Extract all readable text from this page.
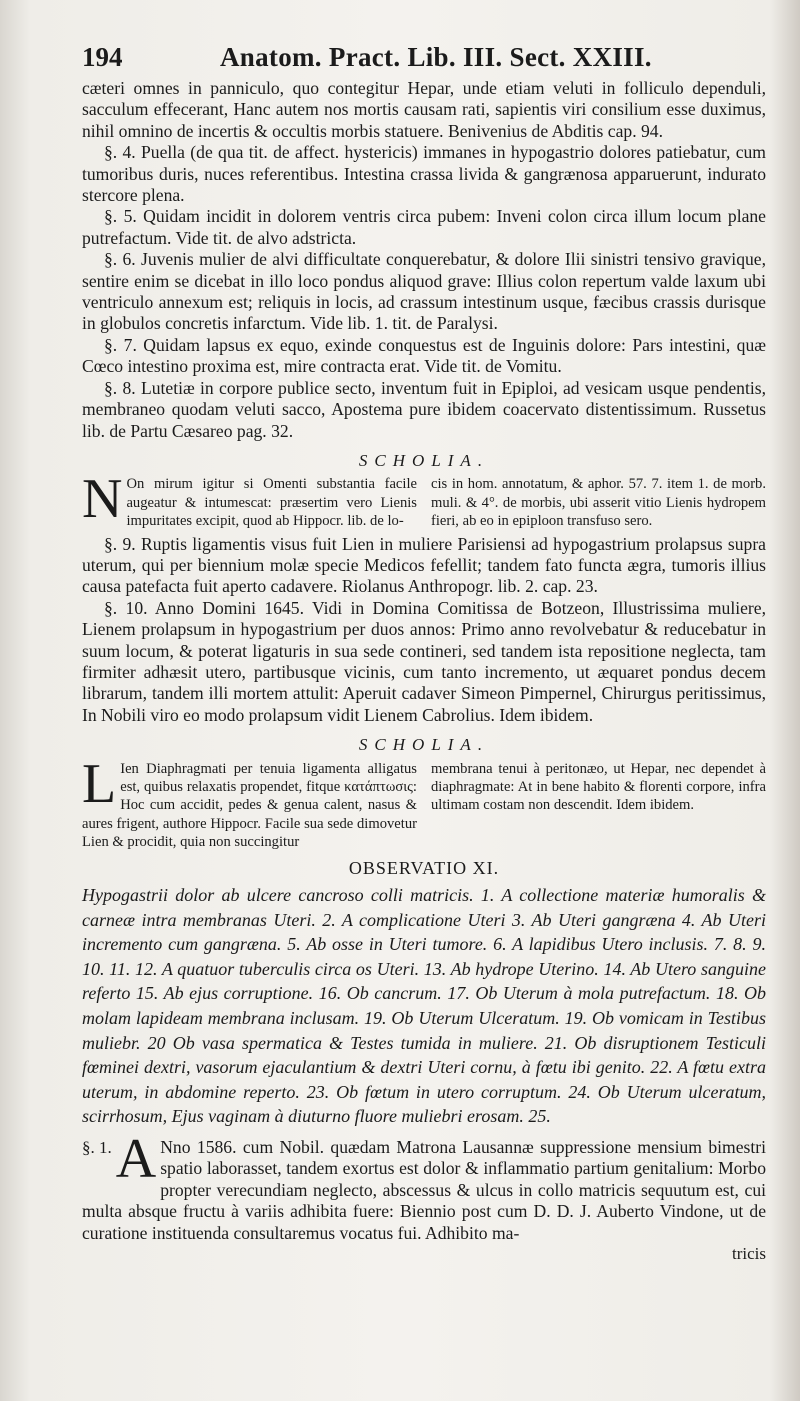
194	Anatom. Pract. Lib. III. Sect. XXIII.

cæteri omnes in panniculo, quo contegitur Hepar, unde etiam veluti in folliculo dependuli, sacculum effecerant, Hanc autem nos mortis causam rati, sapientis viri consilium esse duximus, nihil omnino de incertis & occultis morbis statuere. Benivenius de Abditis cap. 94.

§. 4. Puella (de qua tit. de affect. hystericis) immanes in hypogastrio dolores patiebatur, cum tumoribus duris, nuces referentibus. Intestina crassa livida & gangrænosa apparuerunt, indurato stercore plena.

§. 5. Quidam incidit in dolorem ventris circa pubem: Inveni colon circa illum locum plane putrefactum. Vide tit. de alvo adstricta.

§. 6. Juvenis mulier de alvi difficultate conquerebatur, & dolore Ilii sinistri tensivo gravique, sentire enim se dicebat in illo loco pondus aliquod grave: Illius colon repertum valde laxum ubi ventriculo annexum est; reliquis in locis, ad crassum intestinum usque, fæcibus crassis durisque in globulos concretis infarctum. Vide lib. 1. tit. de Paralysi.

§. 7. Quidam lapsus ex equo, exinde conquestus est de Inguinis dolore: Pars intestini, quæ Cœco intestino proxima est, mire contracta erat. Vide tit. de Vomitu.

§. 8. Lutetiæ in corpore publice secto, inventum fuit in Epiploi, ad vesicam usque pendentis, membraneo quodam veluti sacco, Apostema pure ibidem coacervato distentissimum. Russetus lib. de Partu Cæsareo pag. 32.

SCHOLIA.
N On mirum igitur si Omenti substantia facile augeatur & intumescat: præsertim vero Lienis impuritates excipit, quod ab Hippocr. lib. de lo-
cis in hom. annotatum, & aphor. 57. 7. item 1. de morb. muli. & 4°. de morbis, ubi asserit vitio Lienis hydropem fieri, ab eo in epiploon transfuso sero.

§. 9. Ruptis ligamentis visus fuit Lien in muliere Parisiensi ad hypogastrium prolapsus supra uterum, qui per biennium molæ specie Medicos fefellit; tandem fato functa ægra, tumoris illius causa patefacta fuit aperto cadavere. Riolanus Anthropogr. lib. 2. cap. 23.

§. 10. Anno Domini 1645. Vidi in Domina Comitissa de Botzeon, Illustrissima muliere, Lienem prolapsum in hypogastrium per duos annos: Primo anno revolvebatur & reducebatur in suum locum, & poterat ligaturis in sua sede contineri, sed tandem ista repositione neglecta, tam firmiter adhæsit utero, partibusque vicinis, cum tanto incremento, ut æquaret pondus decem librarum, tandem illi mortem attulit: Aperuit cadaver Simeon Pimpernel, Chirurgus peritissimus, In Nobili viro eo modo prolapsum vidit Lienem Cabrolius. Idem ibidem.

SCHOLIA.
L Ien Diaphragmati per tenuia ligamenta alligatus est, quibus relaxatis propendet, fitque κατάπτωσις: Hoc cum accidit, pedes & genua calent, nasus & aures frigent, authore Hippocr. Facile sua sede dimovetur Lien & procidit, quia non succingitur
membrana tenui à peritonæo, ut Hepar, nec dependet à diaphragmate: At in bene habito & florenti corpore, infra ultimam costam non descendit. Idem ibidem.
OBSERVATIO XI.

Hypogastrii dolor ab ulcere cancroso colli matricis. 1. A collectione materiæ humoralis & carneæ intra membranas Uteri. 2. A complicatione Uteri 3. Ab Uteri gangræna 4. Ab Uteri incremento cum gangræna. 5. Ab osse in Uteri tumore. 6. A lapidibus Utero inclusis. 7. 8. 9. 10. 11. 12. A quatuor tuberculis circa os Uteri. 13. Ab hydrope Uterino. 14. Ab Utero sanguine referto 15. Ab ejus corruptione. 16. Ob cancrum. 17. Ob Uterum à mola putrefactum. 18. Ob molam lapideam membrana inclusam. 19. Ob Uterum Ulceratum. 19. Ob vomicam in Testibus muliebr. 20 Ob vasa spermatica & Testes tumida in muliere. 21. Ob disruptionem Testiculi fœminei dextri, vasorum ejaculantium & dextri Uteri cornu, à fœtu ibi genito. 22. A fœtu extra uterum, in abdomine reperto. 23. Ob fœtum in utero corruptum. 24. Ob Uterum ulceratum, scirrhosum, Ejus vaginam à diuturno fluore muliebri erosam. 25.

§. 1. A Nno 1586. cum Nobil. quædam Matrona Lausannæ suppressione mensium bimestri spatio laborasset, tandem exortus est dolor & inflammatio partium genitalium: Morbo propter verecundiam neglecto, abscessus & ulcus in collo matricis sequutum est, cui multa absque fructu à variis adhibita fuere: Biennio post cum D. D. J. Auberto Vindone, ut de curatione instituenda consultaremus vocatus fui. Adhibito ma-
tricis
